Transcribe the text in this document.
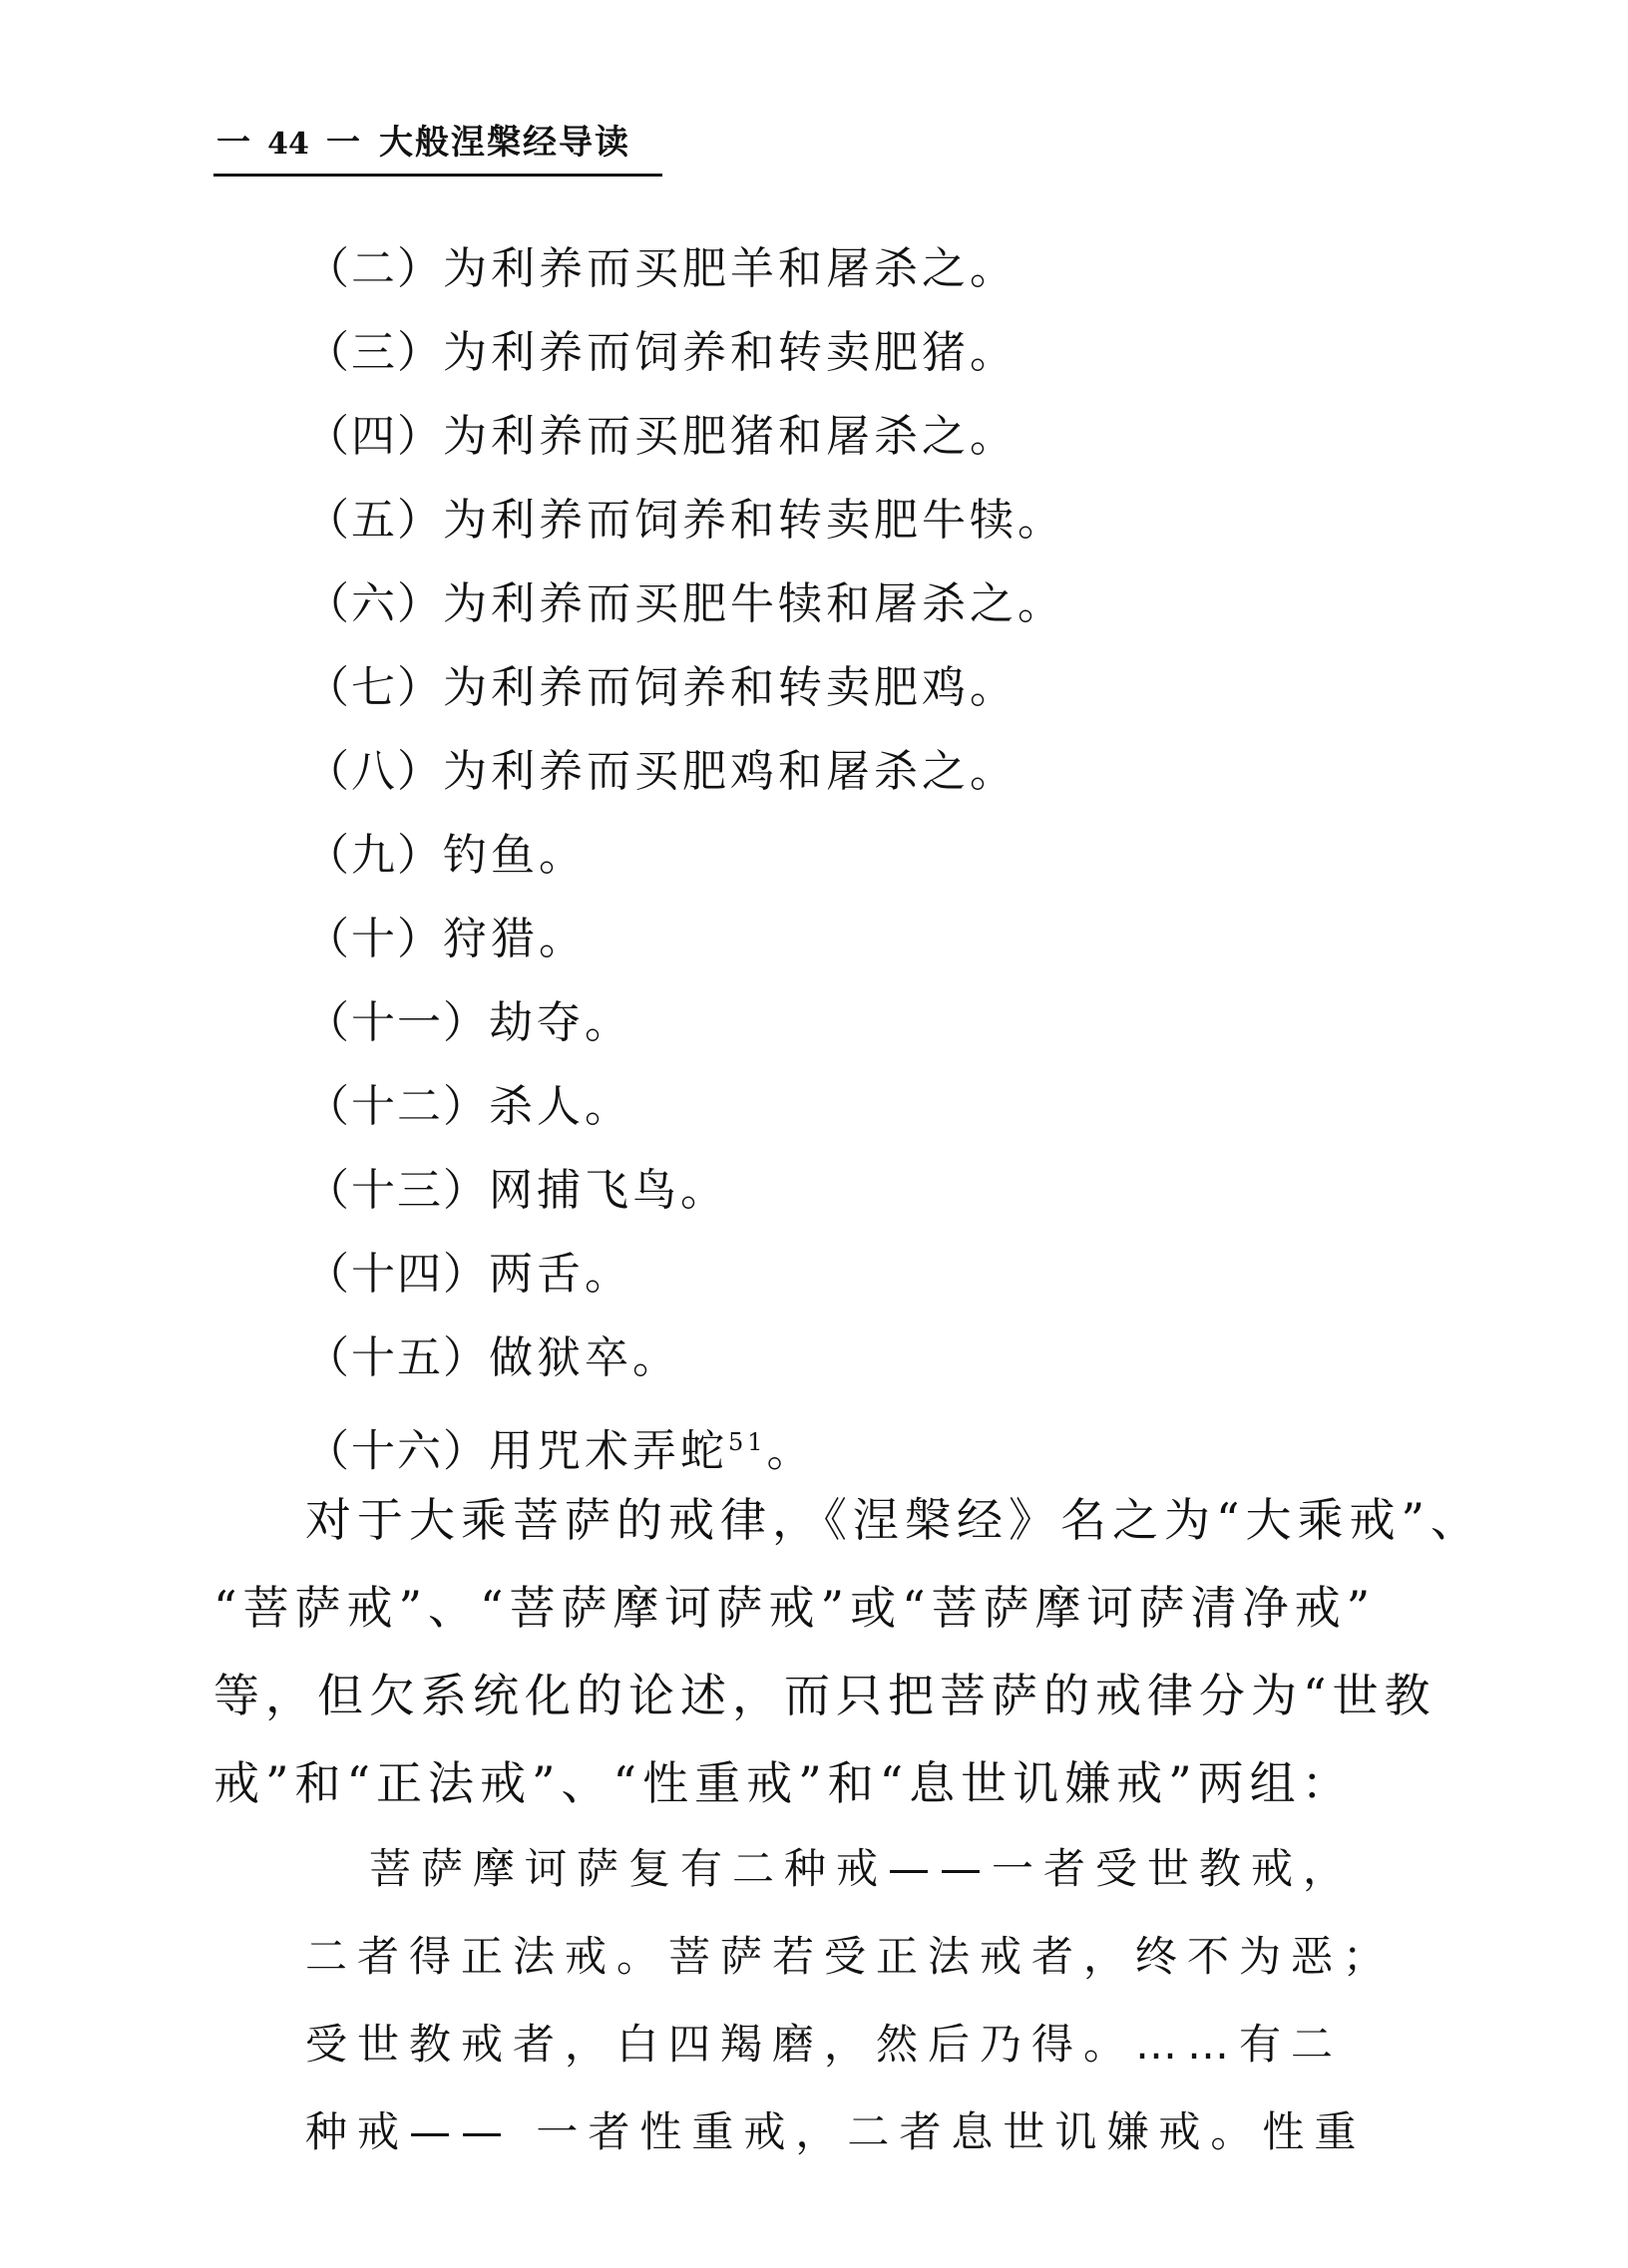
一 44 一 大般涅槃经导读
（二）为利养而买肥羊和屠杀之。
（三）为利养而饲养和转卖肥猪。
（四）为利养而买肥猪和屠杀之。
（五）为利养而饲养和转卖肥牛犊。
（六）为利养而买肥牛犊和屠杀之。
（七）为利养而饲养和转卖肥鸡。
（八）为利养而买肥鸡和屠杀之。
（九）钓鱼。
（十）狩猎。
（十一）劫夺。
（十二）杀人。
（十三）网捕飞鸟。
（十四）两舌。
（十五）做狱卒。
（十六）用咒术弄蛇$^{51}$。
对于大乘菩萨的戒律，《涅槃经》名之为“大乘戒”、
“菩萨戒”、“菩萨摩诃萨戒”或“菩萨摩诃萨清净戒”
等，但欠系统化的论述，而只把菩萨的戒律分为“世教
戒”和“正法戒”、“性重戒”和“息世讥嫌戒”两组：
菩萨摩诃萨复有二种戒——一者受世教戒，
二者得正法戒。菩萨若受正法戒者，终不为恶；
受世教戒者，白四羯磨，然后乃得。……有二
种戒—— 一者性重戒，二者息世讥嫌戒。性重
